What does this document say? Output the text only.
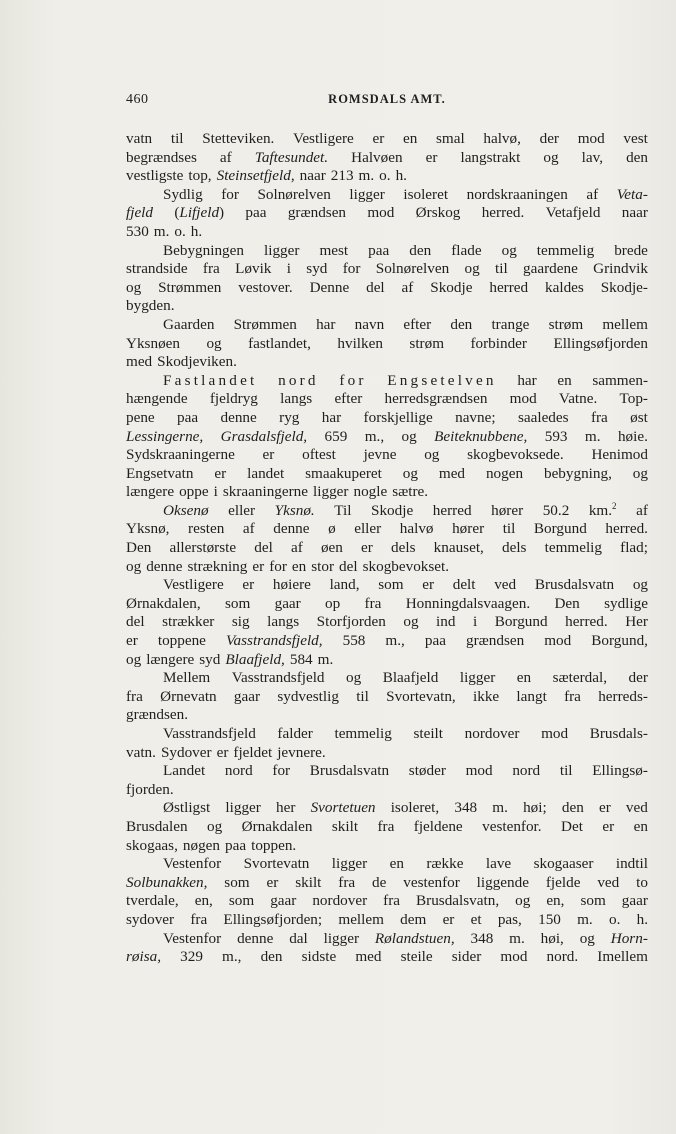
460	ROMSDALS AMT.
vatn til Stetteviken. Vestligere er en smal halvø, der mod vest
begrændses af Taftesundet. Halvøen er langstrakt og lav, den
vestligste top, Steinsetfjeld, naar 213 m. o. h.
Sydlig for Solnørelven ligger isoleret nordskraaningen af Veta-
fjeld (Lifjeld) paa grændsen mod Ørskog herred. Vetafjeld naar
530 m. o. h.
Bebygningen ligger mest paa den flade og temmelig brede
strandside fra Løvik i syd for Solnørelven og til gaardene Grindvik
og Strømmen vestover. Denne del af Skodje herred kaldes Skodje-
bygden.
Gaarden Strømmen har navn efter den trange strøm mellem
Yksnøen og fastlandet, hvilken strøm forbinder Ellingsøfjorden
med Skodjeviken.
Fastlandet nord for Engsetelven har en sammen-
hængende fjeldryg langs efter herredsgrændsen mod Vatne. Top-
pene paa denne ryg har forskjellige navne; saaledes fra øst
Lessingerne, Grasdalsfjeld, 659 m., og Beiteknubbene, 593 m. høie.
Sydskraaningerne er oftest jevne og skogbevoksede. Henimod
Engsetvatn er landet smaakuperet og med nogen bebygning, og
længere oppe i skraaningerne ligger nogle sætre.
Oksenø eller Yksnø. Til Skodje herred hører 50.2 km.$^2$ af
Yksnø, resten af denne ø eller halvø hører til Borgund herred.
Den allerstørste del af øen er dels knauset, dels temmelig flad;
og denne strækning er for en stor del skogbevokset.
Vestligere er høiere land, som er delt ved Brusdalsvatn og
Ørnakdalen, som gaar op fra Honningdalsvaagen. Den sydlige
del strækker sig langs Storfjorden og ind i Borgund herred. Her
er toppene Vasstrandsfjeld, 558 m., paa grændsen mod Borgund,
og længere syd Blaafjeld, 584 m.
Mellem Vasstrandsfjeld og Blaafjeld ligger en sæterdal, der
fra Ørnevatn gaar sydvestlig til Svortevatn, ikke langt fra herreds-
grændsen.
Vasstrandsfjeld falder temmelig steilt nordover mod Brusdals-
vatn. Sydover er fjeldet jevnere.
Landet nord for Brusdalsvatn støder mod nord til Ellingsø-
fjorden.
Østligst ligger her Svortetuen isoleret, 348 m. høi; den er ved
Brusdalen og Ørnakdalen skilt fra fjeldene vestenfor. Det er en
skogaas, nøgen paa toppen.
Vestenfor Svortevatn ligger en række lave skogaaser indtil
Solbunakken, som er skilt fra de vestenfor liggende fjelde ved to
tverdale, en, som gaar nordover fra Brusdalsvatn, og en, som gaar
sydover fra Ellingsøfjorden; mellem dem er et pas, 150 m. o. h.
Vestenfor denne dal ligger Rølandstuen, 348 m. høi, og Horn-
røisa, 329 m., den sidste med steile sider mod nord. Imellem
